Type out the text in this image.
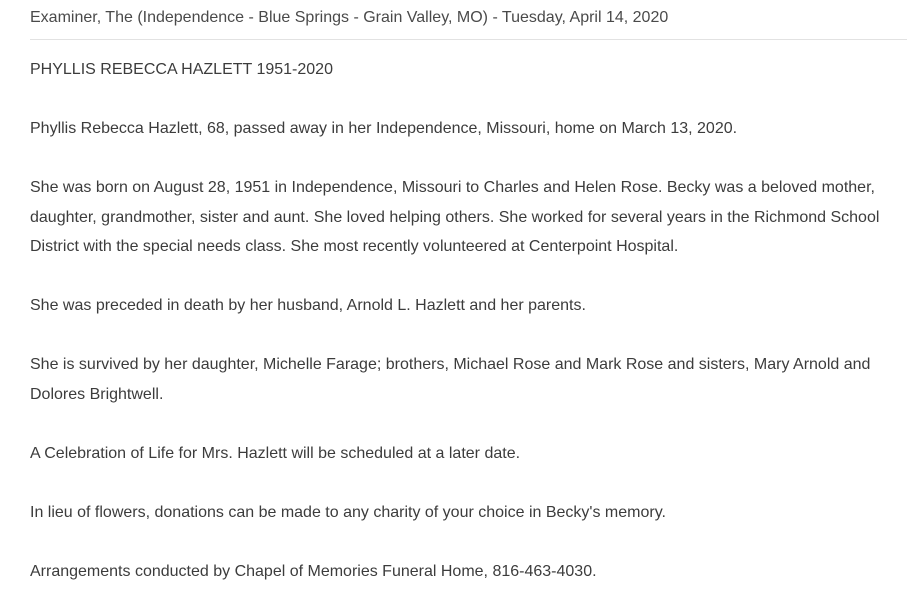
Examiner, The (Independence - Blue Springs - Grain Valley, MO) - Tuesday, April 14, 2020

PHYLLIS REBECCA HAZLETT 1951-2020

Phyllis Rebecca Hazlett, 68, passed away in her Independence, Missouri, home on March 13, 2020.

She was born on August 28, 1951 in Independence, Missouri to Charles and Helen Rose. Becky was a beloved mother, daughter, grandmother, sister and aunt. She loved helping others. She worked for several years in the Richmond School District with the special needs class. She most recently volunteered at Centerpoint Hospital.

She was preceded in death by her husband, Arnold L. Hazlett and her parents.

She is survived by her daughter, Michelle Farage; brothers, Michael Rose and Mark Rose and sisters, Mary Arnold and Dolores Brightwell.

A Celebration of Life for Mrs. Hazlett will be scheduled at a later date.

In lieu of flowers, donations can be made to any charity of your choice in Becky's memory.

Arrangements conducted by Chapel of Memories Funeral Home, 816-463-4030.
